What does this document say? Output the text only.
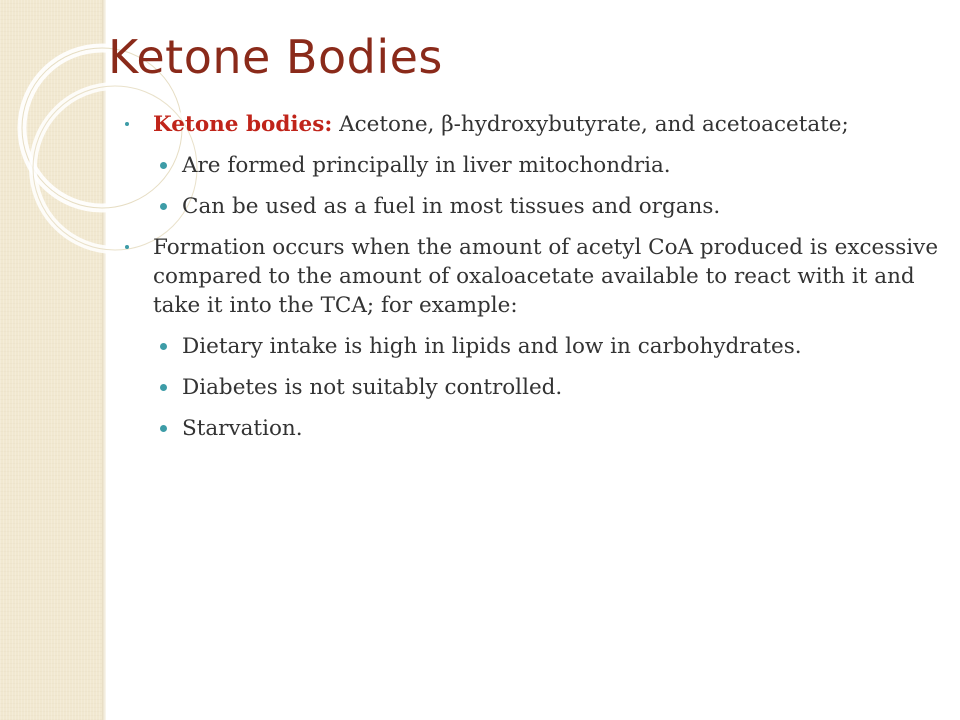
Ketone Bodies
Ketone bodies: Acetone, β-hydroxybutyrate, and acetoacetate;
Are formed principally in liver mitochondria.
Can be used as a fuel in most tissues and organs.
Formation occurs when the amount of acetyl CoA produced is excessive compared to the amount of oxaloacetate available to react with it and take it into the TCA; for example:
Dietary intake is high in lipids and low in carbohydrates.
Diabetes is not suitably controlled.
Starvation.
